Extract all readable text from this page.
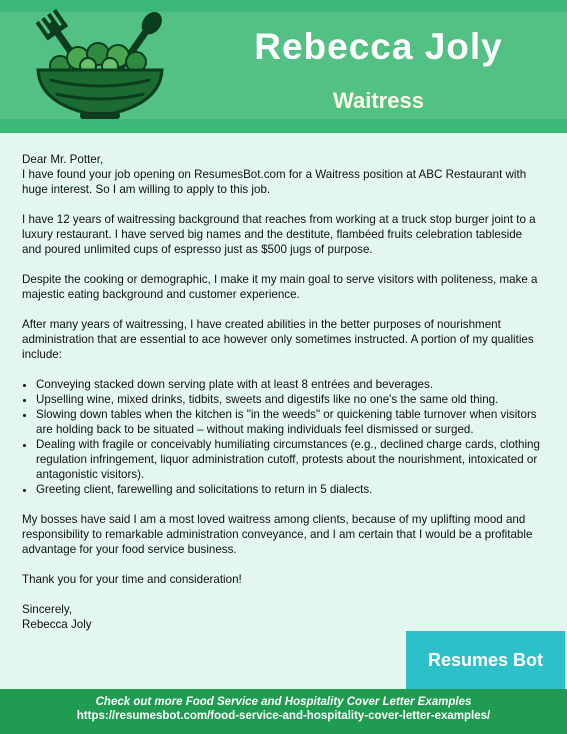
Rebecca Joly
Waitress
Dear Mr. Potter,

I have found your job opening on ResumesBot.com for a Waitress position at ABC Restaurant with huge interest. So I am willing to apply to this job.

I have 12 years of waitressing background that reaches from working at a truck stop burger joint to a luxury restaurant. I have served big names and the destitute, flambéed fruits celebration tableside and poured unlimited cups of espresso just as $500 jugs of purpose.

Despite the cooking or demographic, I make it my main goal to serve visitors with politeness, make a majestic eating background and customer experience.

After many years of waitressing, I have created abilities in the better purposes of nourishment administration that are essential to ace however only sometimes instructed. A portion of my qualities include:

• Conveying stacked down serving plate with at least 8 entrées and beverages.
• Upselling wine, mixed drinks, tidbits, sweets and digestifs like no one's the same old thing.
• Slowing down tables when the kitchen is "in the weeds" or quickening table turnover when visitors are holding back to be situated – without making individuals feel dismissed or surged.
• Dealing with fragile or conceivably humiliating circumstances (e.g., declined charge cards, clothing regulation infringement, liquor administration cutoff, protests about the nourishment, intoxicated or antagonistic visitors).
• Greeting client, farewelling and solicitations to return in 5 dialects.

My bosses have said I am a most loved waitress among clients, because of my uplifting mood and responsibility to remarkable administration conveyance, and I am certain that I would be a profitable advantage for your food service business.

Thank you for your time and consideration!

Sincerely,
Rebecca Joly
Resumes Bot
Check out more Food Service and Hospitality Cover Letter Examples
https://resumesbot.com/food-service-and-hospitality-cover-letter-examples/
